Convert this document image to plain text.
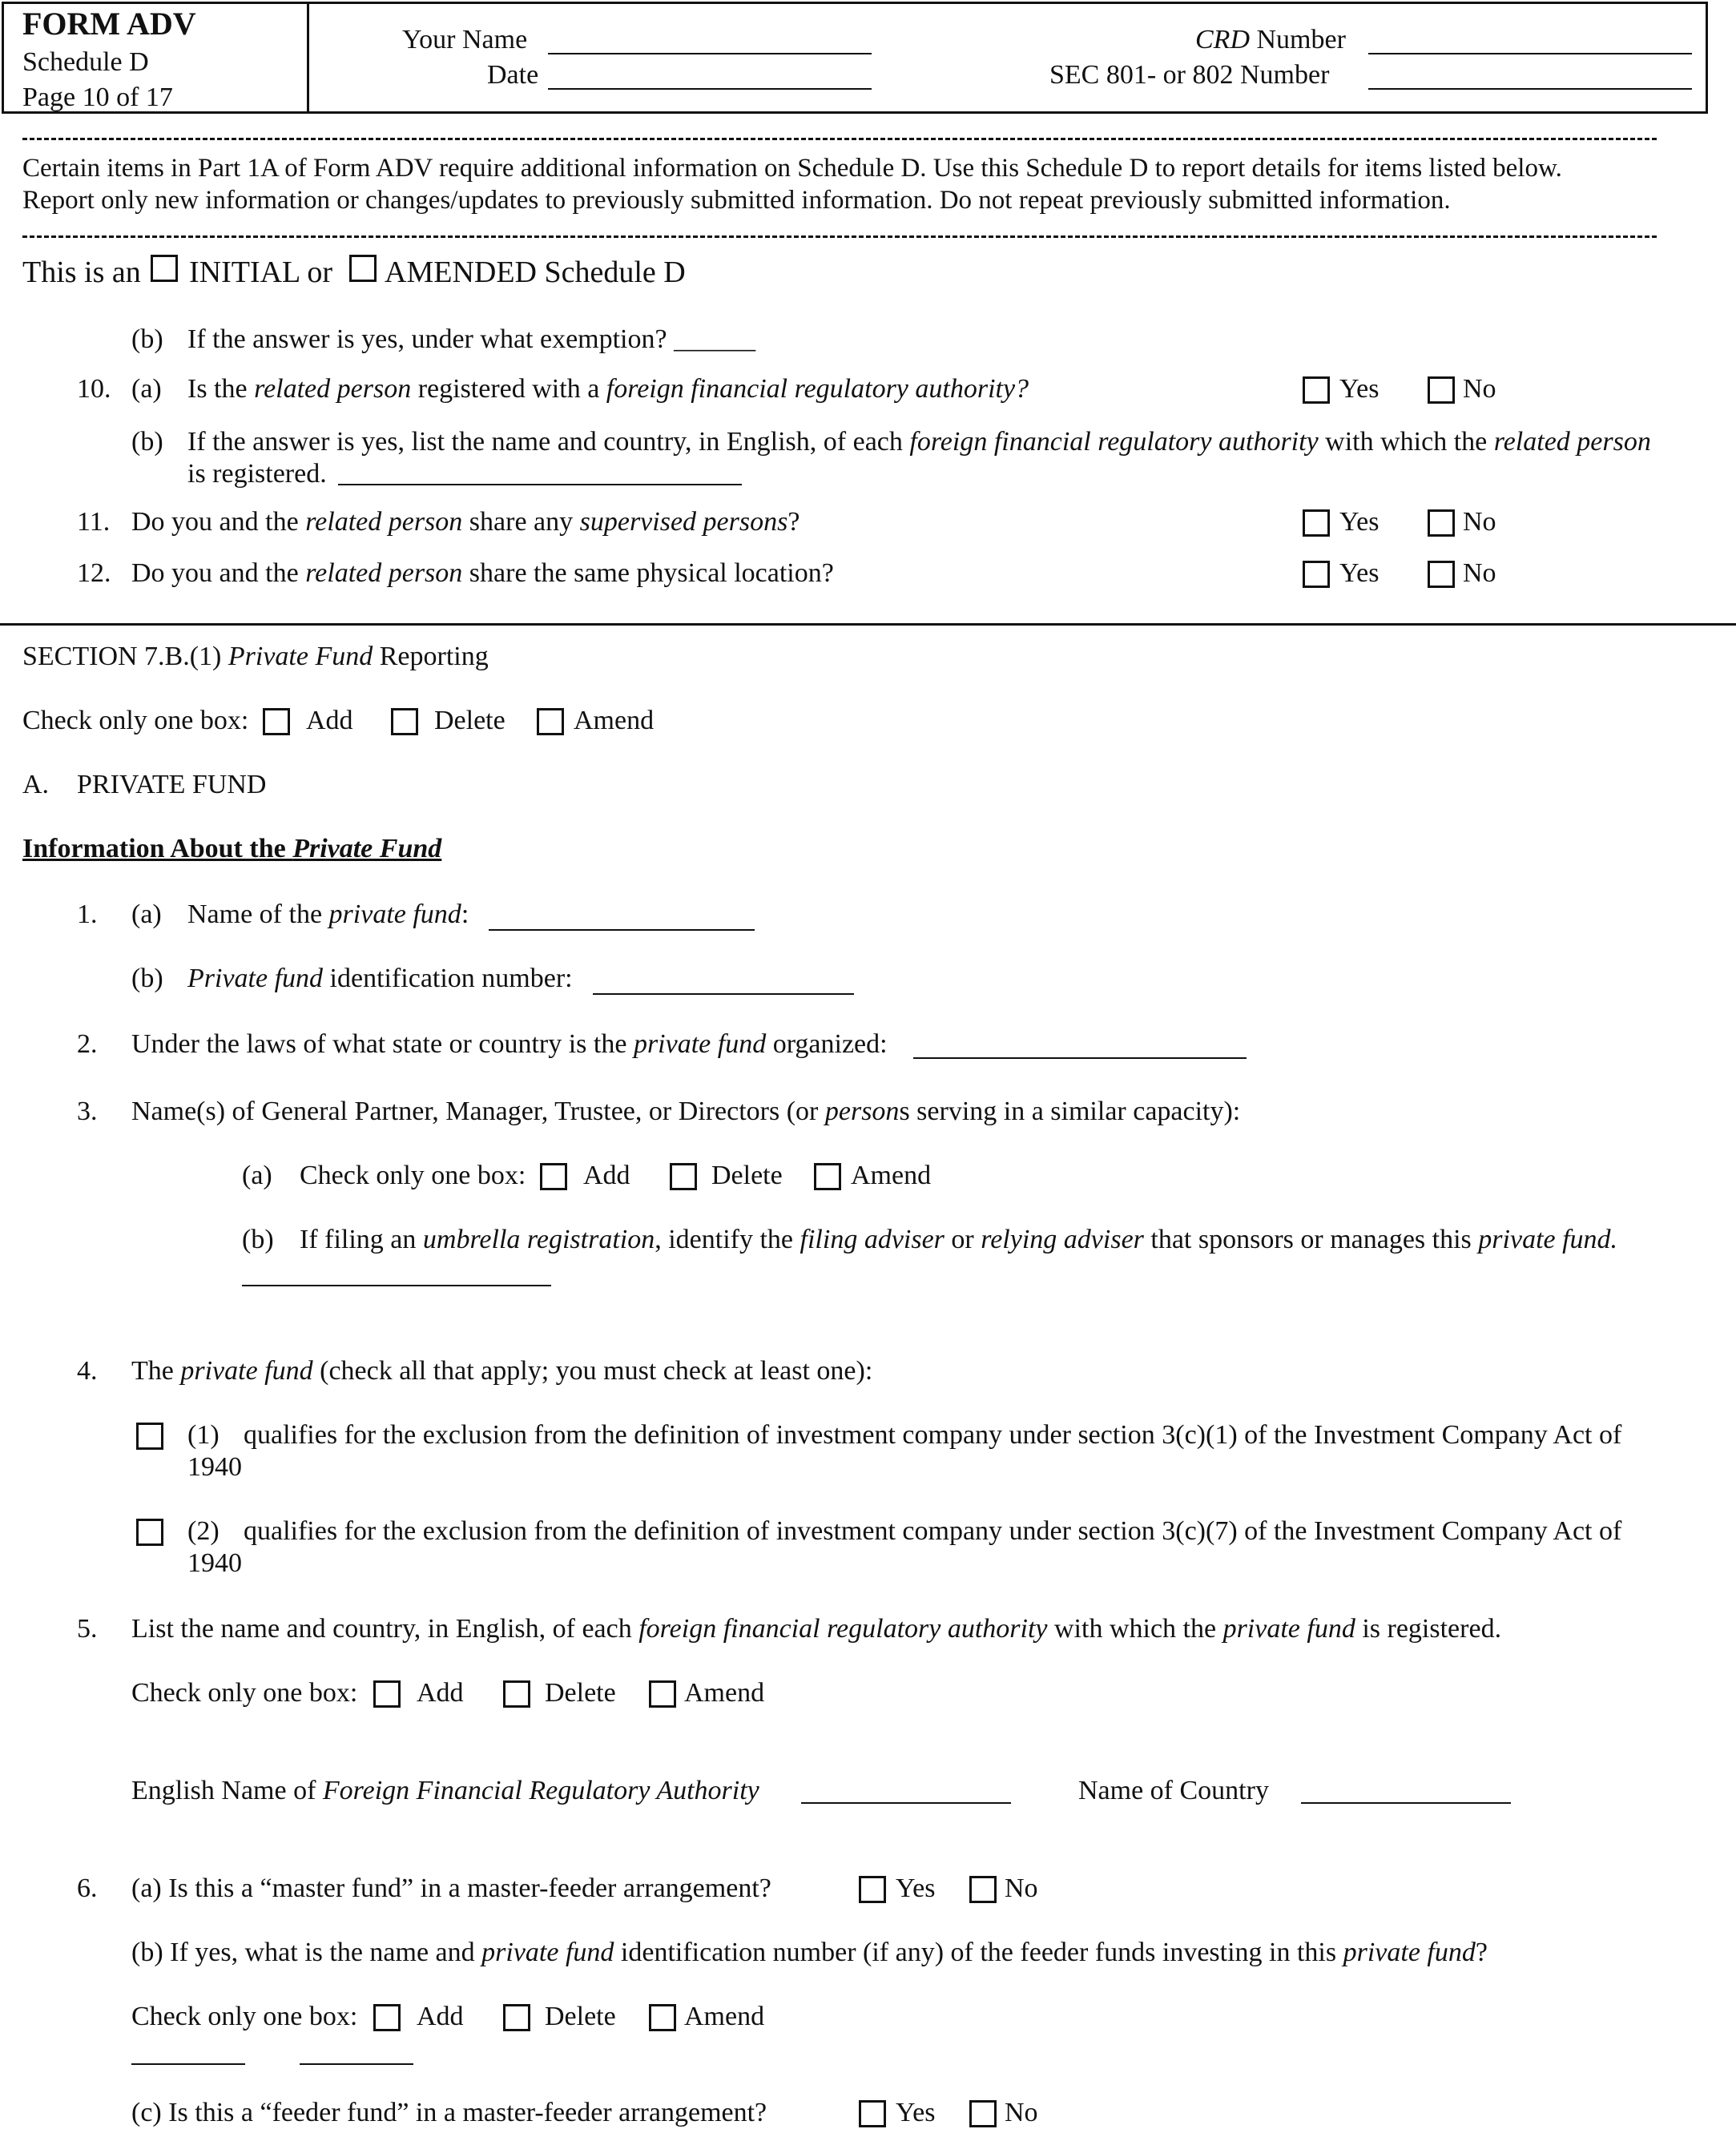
FORM ADV
Schedule D
Page 10 of 17
Your Name
Date
CRD Number
SEC 801- or 802 Number
Certain items in Part 1A of Form ADV require additional information on Schedule D. Use this Schedule D to report details for items listed below.
Report only new information or changes/updates to previously submitted information. Do not repeat previously submitted information.
This is an INITIAL or AMENDED Schedule D
(b) If the answer is yes, under what exemption? ______
10. (a) Is the related person registered with a foreign financial regulatory authority?	Yes	No
(b) If the answer is yes, list the name and country, in English, of each foreign financial regulatory authority with which the related person
is registered.
11. Do you and the related person share any supervised persons?	Yes	No
12. Do you and the related person share the same physical location?	Yes	No
SECTION 7.B.(1) Private Fund Reporting
Check only one box: Add	Delete	Amend
A. PRIVATE FUND
Information About the Private Fund
1. (a) Name of the private fund:
(b) Private fund identification number:
2. Under the laws of what state or country is the private fund organized:
3. Name(s) of General Partner, Manager, Trustee, or Directors (or persons serving in a similar capacity):
(a) Check only one box: Add	Delete	Amend
(b) If filing an umbrella registration, identify the filing adviser or relying adviser that sponsors or manages this private fund.
4. The private fund (check all that apply; you must check at least one):
(1) qualifies for the exclusion from the definition of investment company under section 3(c)(1) of the Investment Company Act of
1940
(2) qualifies for the exclusion from the definition of investment company under section 3(c)(7) of the Investment Company Act of
1940
5. List the name and country, in English, of each foreign financial regulatory authority with which the private fund is registered.
Check only one box: Add	Delete	Amend
English Name of Foreign Financial Regulatory Authority	Name of Country
6. (a) Is this a “master fund” in a master-feeder arrangement?	Yes	No
(b) If yes, what is the name and private fund identification number (if any) of the feeder funds investing in this private fund?
Check only one box: Add	Delete	Amend
(c) Is this a “feeder fund” in a master-feeder arrangement?	Yes	No
